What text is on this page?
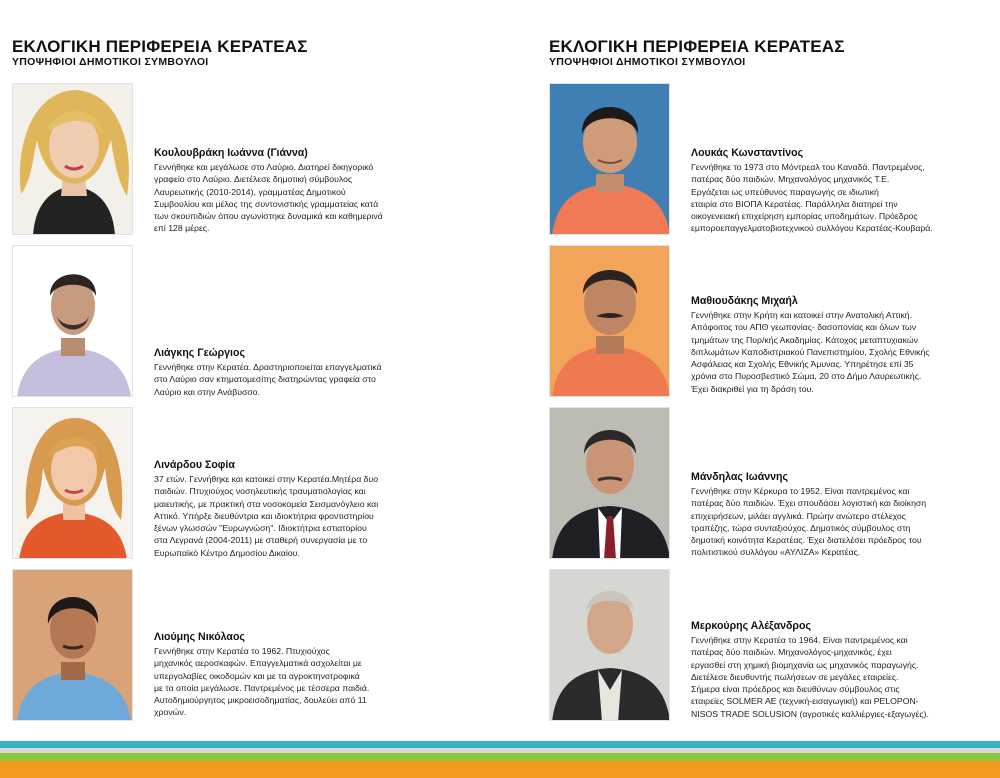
ΕΚΛΟΓΙΚΗ ΠΕΡΙΦΕΡΕΙΑ ΚΕΡΑΤΕΑΣ
ΥΠΟΨΗΦΙΟΙ ΔΗΜΟΤΙΚΟΙ ΣΥΜΒΟΥΛΟΙ
Κουλουβράκη Ιωάννα (Γιάννα)
Γεννήθηκε και μεγάλωσε στο Λαύριο. Διατηρεί δικηγορικό
γραφείο στο Λαύριο. Διετέλεσε δημοτική σύμβουλος
Λαυρεωτικής (2010-2014), γραμματέας Δημοτικού
Συμβουλίου και μέλος της συντονιστικής γραμματείας κατά
των σκουπιδιών όπου αγωνίστηκε δυναμικά και καθημερινά
επί 128 μέρες.
Λιάγκης Γεώργιος
Γεννήθηκε στην Κερατέα. Δραστηριοποιείται επαγγελματικά
στο Λαύριο σαν κτηματομεσίτης διατηρώντας γραφεία στο
Λαύριο και στην Ανάβυσσο.
Λινάρδου Σοφία
37 ετών. Γεννήθηκε και κατοικεί στην Κερατέα.Μητέρα δυο
παιδιών. Πτυχιούχος νοσηλευτικής τραυματιολογίας και
μαιευτικής, με πρακτική στα νοσοκομεία Σεισμανόγλειο και
Αττικό. Υπήρξε διευθύντρια και ιδιοκτήτρια φροντιστηρίου
ξένων γλωσσών "Ευρωγνώση". Ιδιοκτήτρια εστιατορίου
στα Λεγρανά (2004-2011) με σταθερή συνεργασία με το
Ευρωπαϊκό Κέντρο Δημοσίου Δικαίου.
Λιούμης Νικόλαος
Γεννήθηκε στην Κερατέα το 1962. Πτυχιούχος
μηχανικός αεροσκαφών. Επαγγελματικά ασχολείται με
υπεργολαβίες οικοδομών και με τα αγροκτηνοτροφικά
με τα οποία μεγάλωσε. Παντρεμένος με τέσσερα παιδιά.
Αυτοδημιούργητος μικροεισοδηματίας, δουλεύει από 11
χρονών.
ΕΚΛΟΓΙΚΗ ΠΕΡΙΦΕΡΕΙΑ ΚΕΡΑΤΕΑΣ
ΥΠΟΨΗΦΙΟΙ ΔΗΜΟΤΙΚΟΙ ΣΥΜΒΟΥΛΟΙ
Λουκάς Κωνσταντίνος
Γεννήθηκε το 1973 στο Μόντρεαλ του Καναδά. Παντρεμένος,
πατέρας δύο παιδιών. Μηχανολόγος μηχανικός Τ.Ε.
Εργάζεται ως υπεύθυνος παραγωγής σε ιδιωτική
εταιρία στο ΒΙΟΠΑ Κερατέας. Παράλληλα διατηρεί την
οικογενειακή επιχείρηση εμπορίας υποδημάτων. Πρόεδρος
εμποροεπαγγελματοβιοτεχνικού συλλόγου Κερατέας-Κουβαρά.
Μαθιουδάκης Μιχαήλ
Γεννήθηκε στην Κρήτη και κατοικεί στην Ανατολική Αττική.
Απόφοιτος του ΑΠΘ γεωπονίας- δασοπονίας και όλων των
τμημάτων της Πυρ/κής Ακαδημίας. Κάτοχος μεταπτυχιακών
διπλωμάτων Καποδιστριακού Πανεπιστημίου, Σχολής Εθνικής
Ασφάλειας και Σχολής Εθνικής Άμυνας. Υπηρέτησε επί 35
χρόνια στο Πυροσβεστικό Σώμα, 20 στο Δήμο Λαυρεωτικής.
Έχει διακριθεί για τη δράση του.
Μάνδηλας Ιωάννης
Γεννήθηκε στην Κέρκυρα το 1952. Είναι παντρεμένος και
πατέρας δύο παιδιών. Έχει σπουδάσει λογιστική και διοίκηση
επιχειρήσεων, μιλάει αγγλικά. Πρώην ανώτερο στέλεχος
τραπέζης, τώρα συνταξιούχος. Δημοτικός σύμβουλος στη
δημοτική κοινότητα Κερατέας. Έχει διατελέσει πρόεδρος του
πολιτιστικού συλλόγου «ΑΥΛΙΖΑ» Κερατέας.
Μερκούρης Αλέξανδρος
Γεννήθηκε στην Κερατέα το 1964. Είναι παντρεμένος και
πατέρας δύο παιδιών. Μηχανολόγος-μηχανικός, έχει
εργασθεί στη χημική βιομηχανία ως μηχανικός παραγωγής.
Διετέλεσε διευθυντής πωλήσεων σε μεγάλες εταιρείες.
Σήμερα είναι πρόεδρος και διευθύνων σύμβουλος στις
εταιρείες SOLMER AE (τεχνική-εισαγωγική) και PELOPON-
NISOS TRADE SOLUSION (αγροτικές καλλιέργιες-εξαγωγές).
